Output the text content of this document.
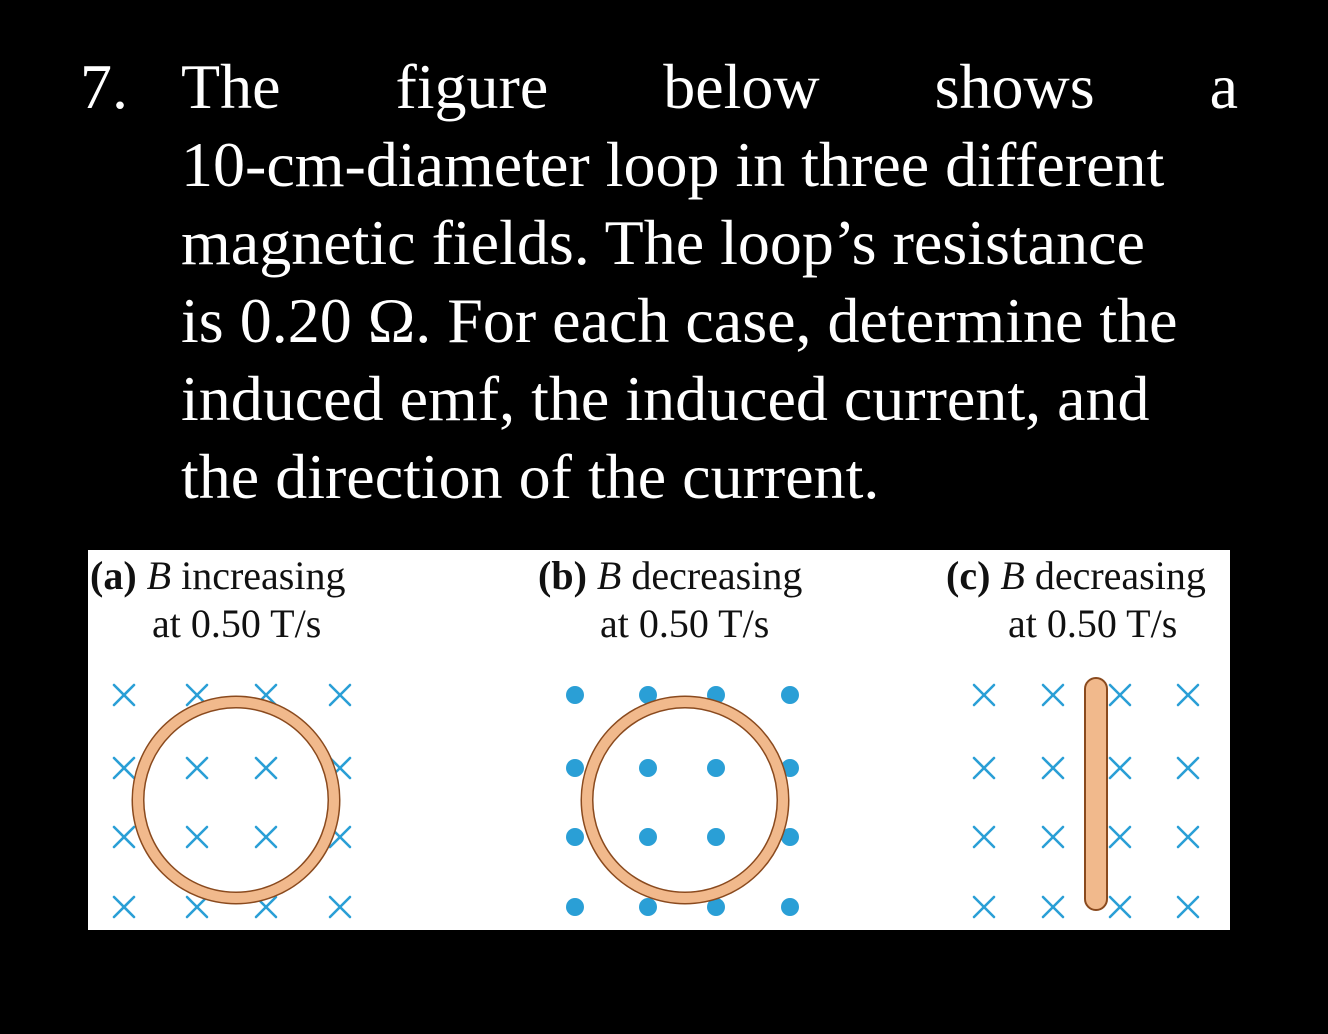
7. The figure below shows a
10-cm-diameter loop in three different
magnetic fields. The loop’s resistance
is 0.20 Ω. For each case, determine the
induced emf, the induced current, and
the direction of the current.
(a) B increasing
at 0.50 T/s
(b) B decreasing
at 0.50 T/s
(c) B decreasing
at 0.50 T/s
